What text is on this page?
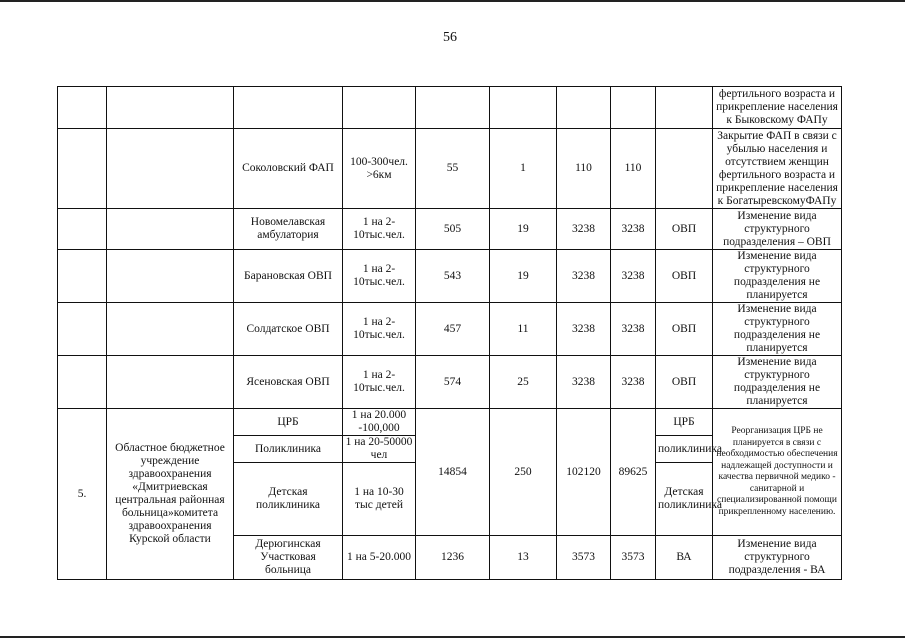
56
									фертильного возраста и прикрепление населения к Быковскому ФАПу
		Соколовский ФАП	100-300чел. >6км	55	1	110	110		Закрытие ФАП в связи с убылью населения и отсутствием женщин фертильного возраста и прикрепление населения к БогатыревскомуФАПу
		Новомелавская амбулатория	1 на 2-10тыс.чел.	505	19	3238	3238	ОВП	Изменение вида структурного подразделения – ОВП
		Барановская ОВП	1 на 2-10тыс.чел.	543	19	3238	3238	ОВП	Изменение вида структурного подразделения не планируется
		Солдатское ОВП	1 на 2-10тыс.чел.	457	11	3238	3238	ОВП	Изменение вида структурного подразделения не планируется
		Ясеновская ОВП	1 на 2-10тыс.чел.	574	25	3238	3238	ОВП	Изменение вида структурного подразделения не планируется
5.	Областное бюджетное учреждение здравоохранения «Дмитриевская центральная районная больница»комитета здравоохранения Курской области	ЦРБ	1 на 20.000 -100,000	14854	250	102120	89625	ЦРБ	Реорганизация ЦРБ не планируется в связи с необходимостью обеспечения надлежащей доступности и качества первичной медико - санитарной и специализированной помощи прикрепленному населению.
		Поликлиника	1 на 20-50000 чел					поликлиника	
		Детская поликлиника	1 на 10-30 тыс детей					Детская поликлиника	
		Дерюгинская Участковая больница	1 на 5-20.000	1236	13	3573	3573	ВА	Изменение вида структурного подразделения - ВА
